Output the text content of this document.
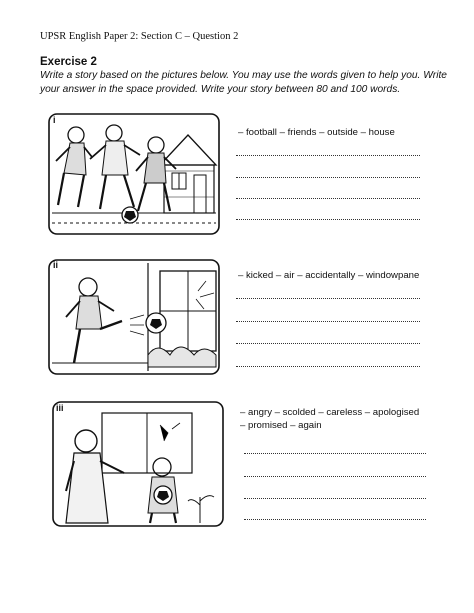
UPSR English Paper 2: Section C – Question 2
Exercise 2
Write a story based on the pictures below. You may use the words given to help you. Write your answer in the space provided. Write your story between 80 and 100 words.
i
– football – friends – outside – house
ii
– kicked – air – accidentally – windowpane
iii	– angry – scolded – careless – apologised
– promised – again
